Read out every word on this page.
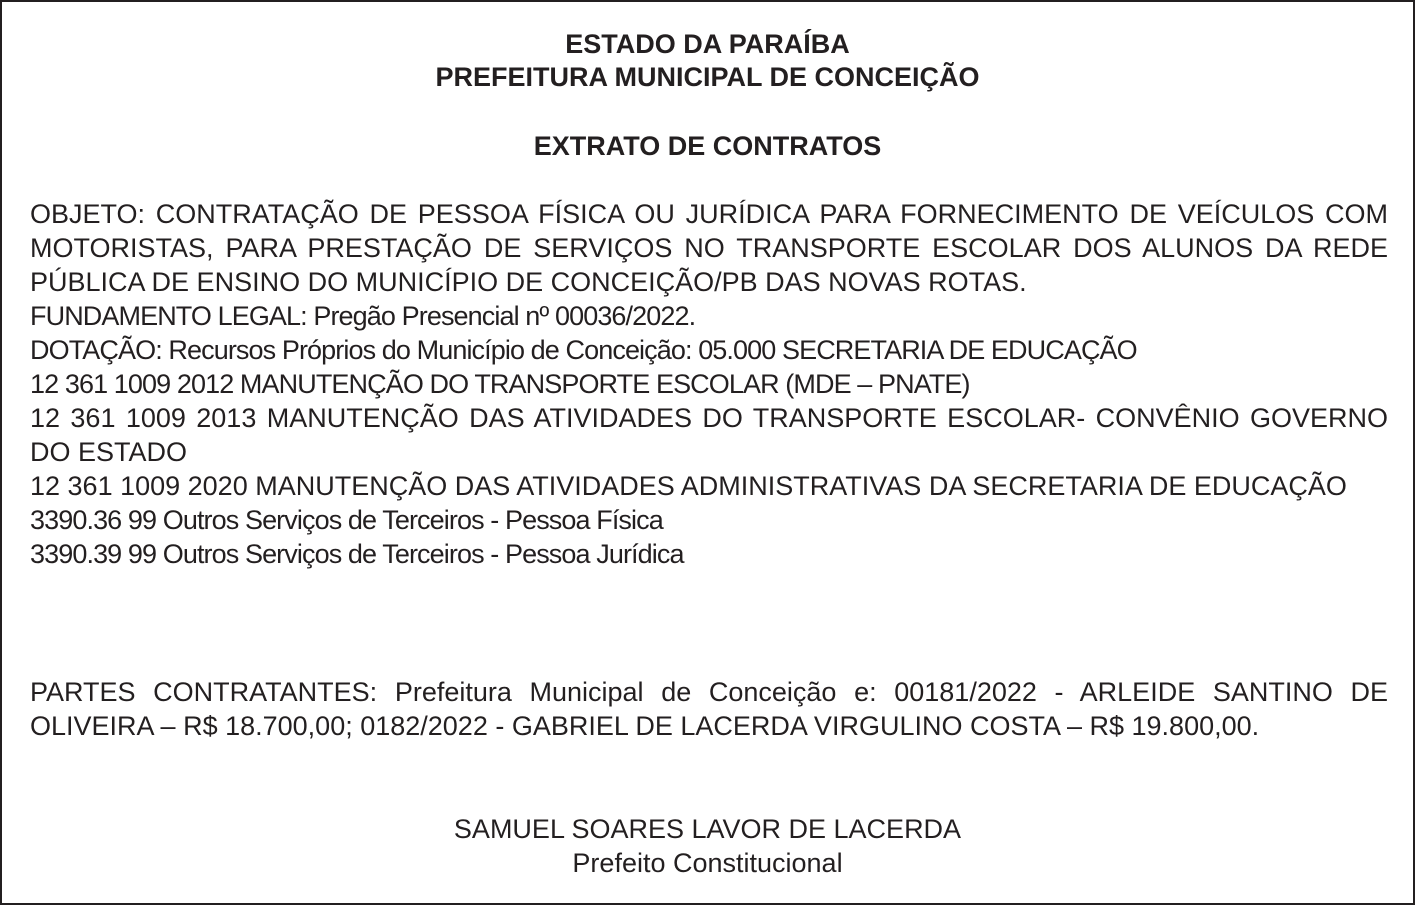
ESTADO DA PARAÍBA
PREFEITURA MUNICIPAL DE CONCEIÇÃO
EXTRATO DE CONTRATOS

OBJETO: CONTRATAÇÃO DE PESSOA FÍSICA OU JURÍDICA PARA FORNECIMENTO DE VEÍCULOS COM MOTORISTAS, PARA PRESTAÇÃO DE SERVIÇOS NO TRANSPORTE ESCOLAR DOS ALUNOS DA REDE PÚBLICA DE ENSINO DO MUNICÍPIO DE CONCEIÇÃO/PB DAS NOVAS ROTAS.

FUNDAMENTO LEGAL: Pregão Presencial nº 00036/2022.

DOTAÇÃO: Recursos Próprios do Município de Conceição: 05.000 SECRETARIA DE EDUCAÇÃO

12 361 1009 2012 MANUTENÇÃO DO TRANSPORTE ESCOLAR (MDE – PNATE)

12 361 1009 2013 MANUTENÇÃO DAS ATIVIDADES DO TRANSPORTE ESCOLAR- CONVÊNIO GOVERNO DO ESTADO

12 361 1009 2020 MANUTENÇÃO DAS ATIVIDADES ADMINISTRATIVAS DA SECRETARIA DE EDUCAÇÃO

3390.36 99 Outros Serviços de Terceiros - Pessoa Física

3390.39 99 Outros Serviços de Terceiros - Pessoa Jurídica

PARTES CONTRATANTES: Prefeitura Municipal de Conceição e: 00181/2022 - ARLEIDE SANTINO DE OLIVEIRA – R$ 18.700,00; 0182/2022 - GABRIEL DE LACERDA VIRGULINO COSTA – R$ 19.800,00.
SAMUEL SOARES LAVOR DE LACERDA
Prefeito Constitucional
